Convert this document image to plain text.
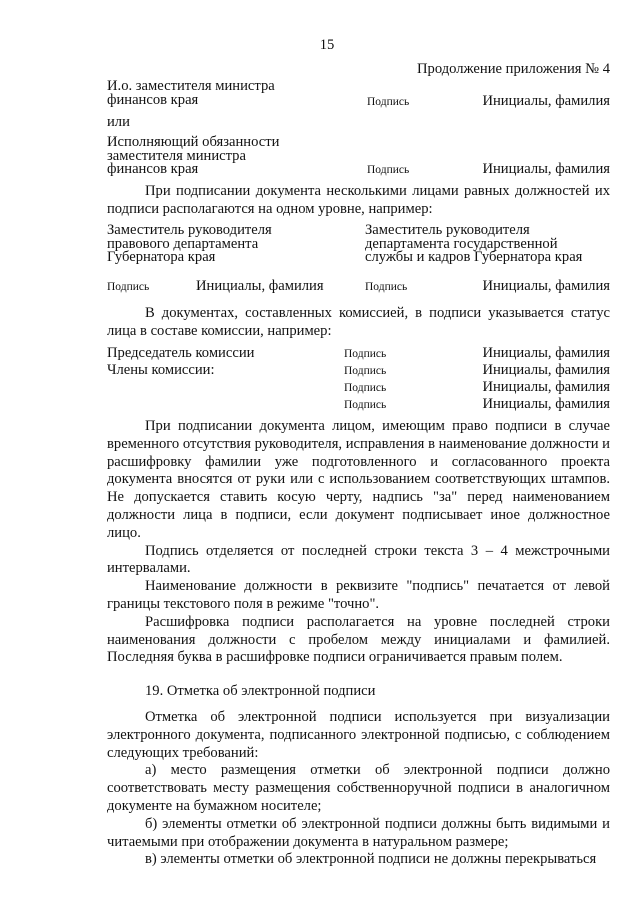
15
Продолжение приложения № 4
И.о. заместителя министра
финансов края	Подпись	Инициалы, фамилия
или
Исполняющий обязанности
заместителя министра
финансов края	Подпись	Инициалы, фамилия
При подписании документа несколькими лицами равных должностей их подписи располагаются на одном уровне, например:
Заместитель руководителя
правового департамента
Губернатора края
Заместитель руководителя
департамента государственной
службы и кадров Губернатора края
Подпись	Инициалы, фамилия	Подпись	Инициалы, фамилия
В документах, составленных комиссией, в подписи указывается статус лица в составе комиссии, например:
Председатель комиссии	Подпись	Инициалы, фамилия
Члены комиссии:	Подпись	Инициалы, фамилия
Подпись	Инициалы, фамилия
Подпись	Инициалы, фамилия

При подписании документа лицом, имеющим право подписи в случае временного отсутствия руководителя, исправления в наименование должности и расшифровку фамилии уже подготовленного и согласованного проекта документа вносятся от руки или с использованием соответствующих штампов. Не допускается ставить косую черту, надпись "за" перед наименованием должности лица в подписи, если документ подписывает иное должностное лицо.

Подпись отделяется от последней строки текста 3 – 4 межстрочными интервалами.

Наименование должности в реквизите "подпись" печатается от левой границы текстового поля в режиме "точно".

Расшифровка подписи располагается на уровне последней строки наименования должности с пробелом между инициалами и фамилией. Последняя буква в расшифровке подписи ограничивается правым полем.

19. Отметка об электронной подписи

Отметка об электронной подписи используется при визуализации электронного документа, подписанного электронной подписью, с соблюдением следующих требований:

а) место размещения отметки об электронной подписи должно соответствовать месту размещения собственноручной подписи в аналогичном документе на бумажном носителе;

б) элементы отметки об электронной подписи должны быть видимыми и читаемыми при отображении документа в натуральном размере;

в) элементы отметки об электронной подписи не должны перекрываться
